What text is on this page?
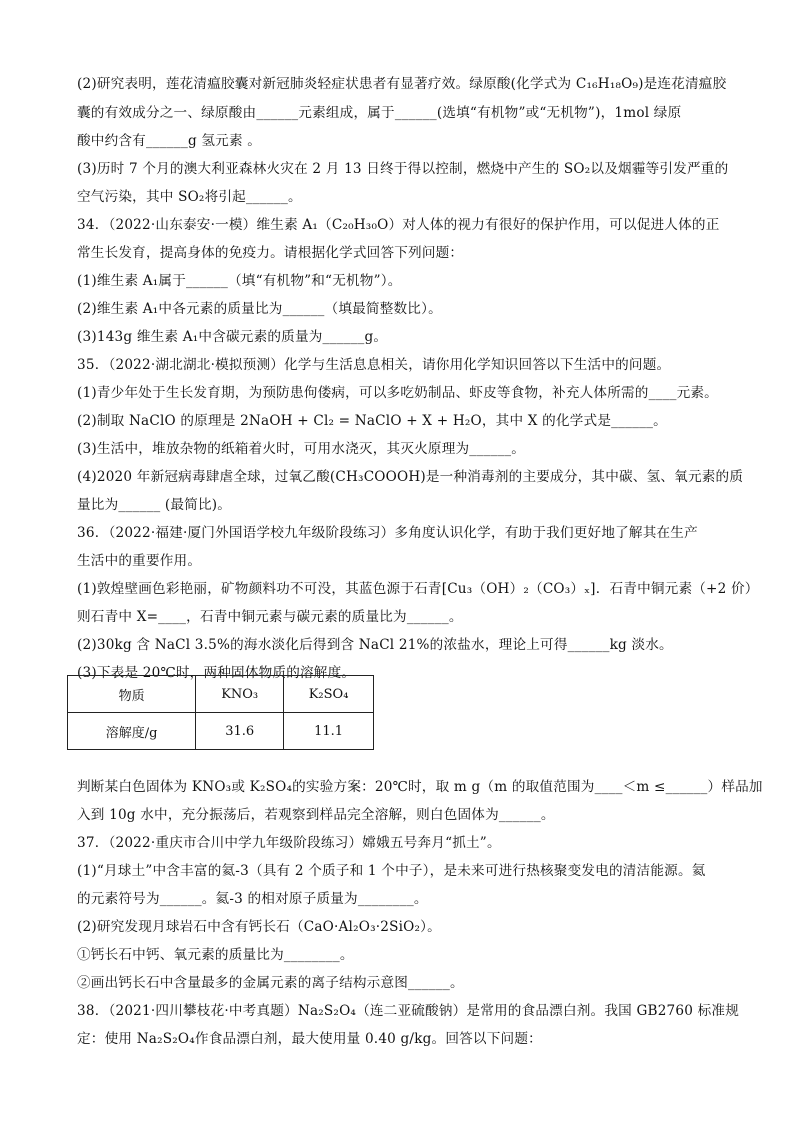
(2)研究表明，莲花清瘟胶囊对新冠肺炎轻症状患者有显著疗效。绿原酸(化学式为 C₁₆H₁₈O₉)是连花清瘟胶
囊的有效成分之一、绿原酸由______元素组成，属于______(选填“有机物”或“无机物”)，1mol 绿原
酸中约含有______g 氢元素 。
(3)历时 7 个月的澳大利亚森林火灾在 2 月 13 日终于得以控制，燃烧中产生的 SO₂以及烟霾等引发严重的
空气污染，其中 SO₂将引起______。
34．（2022·山东泰安·一模）维生素 A₁（C₂₀H₃₀O）对人体的视力有很好的保护作用，可以促进人体的正
常生长发育，提高身体的免疫力。请根据化学式回答下列问题：
(1)维生素 A₁属于______（填“有机物”和“无机物”）。
(2)维生素 A₁中各元素的质量比为______（填最简整数比）。
(3)143g 维生素 A₁中含碳元素的质量为______g。
35．（2022·湖北湖北·模拟预测）化学与生活息息相关，请你用化学知识回答以下生活中的问题。
(1)青少年处于生长发育期，为预防患佝偻病，可以多吃奶制品、虾皮等食物，补充人体所需的____元素。
(2)制取 NaClO 的原理是 2NaOH + Cl₂ = NaClO + X + H₂O，其中 X 的化学式是______。
(3)生活中，堆放杂物的纸箱着火时，可用水浇灭，其灭火原理为______。
(4)2020 年新冠病毒肆虐全球，过氧乙酸(CH₃COOOH)是一种消毒剂的主要成分，其中碳、氢、氧元素的质
量比为______ (最简比)。
36．（2022·福建·厦门外国语学校九年级阶段练习）多角度认识化学，有助于我们更好地了解其在生产
生活中的重要作用。
(1)敦煌壁画色彩艳丽，矿物颜料功不可没，其蓝色源于石青[Cu₃（OH）₂（CO₃）ₓ]．石青中铜元素（+2 价）
则石青中 X=____，石青中铜元素与碳元素的质量比为______。
(2)30kg 含 NaCl 3.5%的海水淡化后得到含 NaCl 21%的浓盐水，理论上可得______kg 淡水。
(3)下表是 20℃时，两种固体物质的溶解度。
物质	KNO₃	K₂SO₄
溶解度/g	31.6	11.1
判断某白色固体为 KNO₃或 K₂SO₄的实验方案：20℃时，取 m g（m 的取值范围为____＜m ≤______）样品加
入到 10g 水中，充分振荡后，若观察到样品完全溶解，则白色固体为______。
37．（2022·重庆市合川中学九年级阶段练习）嫦娥五号奔月“抓土”。
(1)“月球土”中含丰富的氦-3（具有 2 个质子和 1 个中子），是未来可进行热核聚变发电的清洁能源。氦
的元素符号为______。氦-3 的相对原子质量为________。
(2)研究发现月球岩石中含有钙长石（CaO·Al₂O₃·2SiO₂）。
①钙长石中钙、氧元素的质量比为________。
②画出钙长石中含量最多的金属元素的离子结构示意图______。
38．（2021·四川攀枝花·中考真题）Na₂S₂O₄（连二亚硫酸钠）是常用的食品漂白剂。我国 GB2760 标准规
定：使用 Na₂S₂O₄作食品漂白剂，最大使用量 0.40 g/kg。回答以下问题：
